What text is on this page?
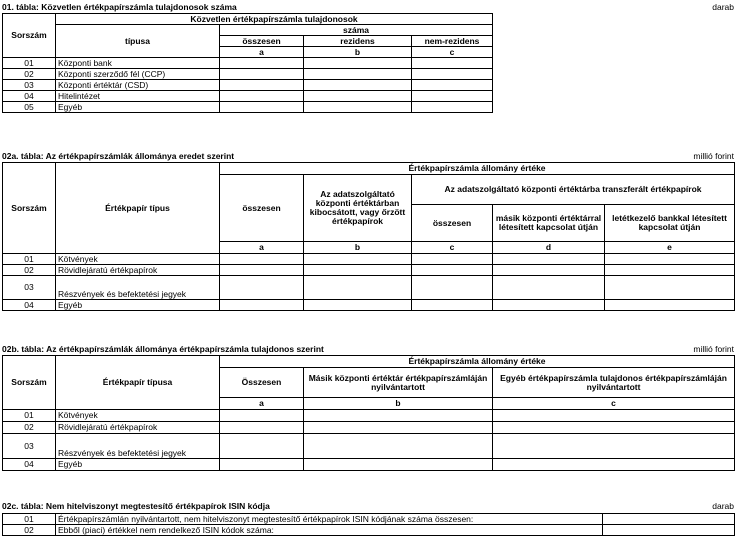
01. tábla: Közvetlen értékpapírszámla tulajdonosok száma	darab
Sorszám	Közvetlen értékpapírszámla tulajdonosok				
	típusa	száma			
		összesen	rezidens	nem-rezidens	
		a	b	c	
01	Központi bank				
02	Központi szerződő fél (CCP)				
03	Központi értéktár (CSD)				
04	Hitelintézet				
05	Egyéb				
02a. tábla: Az értékpapírszámlák állománya eredet szerint	millió forint
Sorszám	Értékpapír típus	Értékpapírszámla állomány értéke				
		összesen	Az adatszolgáltató központi értéktárban kibocsátott, vagy őrzött értékpapírok	Az adatszolgáltató központi értéktárba transzferált értékpapírok		
				összesen	másik központi értéktárral létesített kapcsolat útján	letétkezelő bankkal létesített kapcsolat útján
		a	b	c	d	e
01	Kötvények					
02	Rövidlejáratú értékpapírok					
03	Részvények és befektetési jegyek					
04	Egyéb					
02b. tábla: Az értékpapírszámlák állománya értékpapírszámla tulajdonos szerint	millió forint
Sorszám	Értékpapír típusa	Értékpapírszámla állomány értéke		
		Összesen	Másik központi értéktár értékpapírszámláján nyilvántartott	Egyéb értékpapírszámla tulajdonos értékpapírszámláján nyilvántartott
		a	b	c
01	Kötvények			
02	Rövidlejáratú értékpapírok			
03	Részvények és befektetési jegyek			
04	Egyéb			
02c. tábla: Nem hitelviszonyt megtestesítő értékpapírok ISIN kódja	darab
01	Értékpapírszámlán nyilvántartott, nem hitelviszonyt megtestesítő értékpapírok ISIN kódjának száma összesen:	
02	Ebből (piaci) értékkel nem rendelkező ISIN kódok száma:	
